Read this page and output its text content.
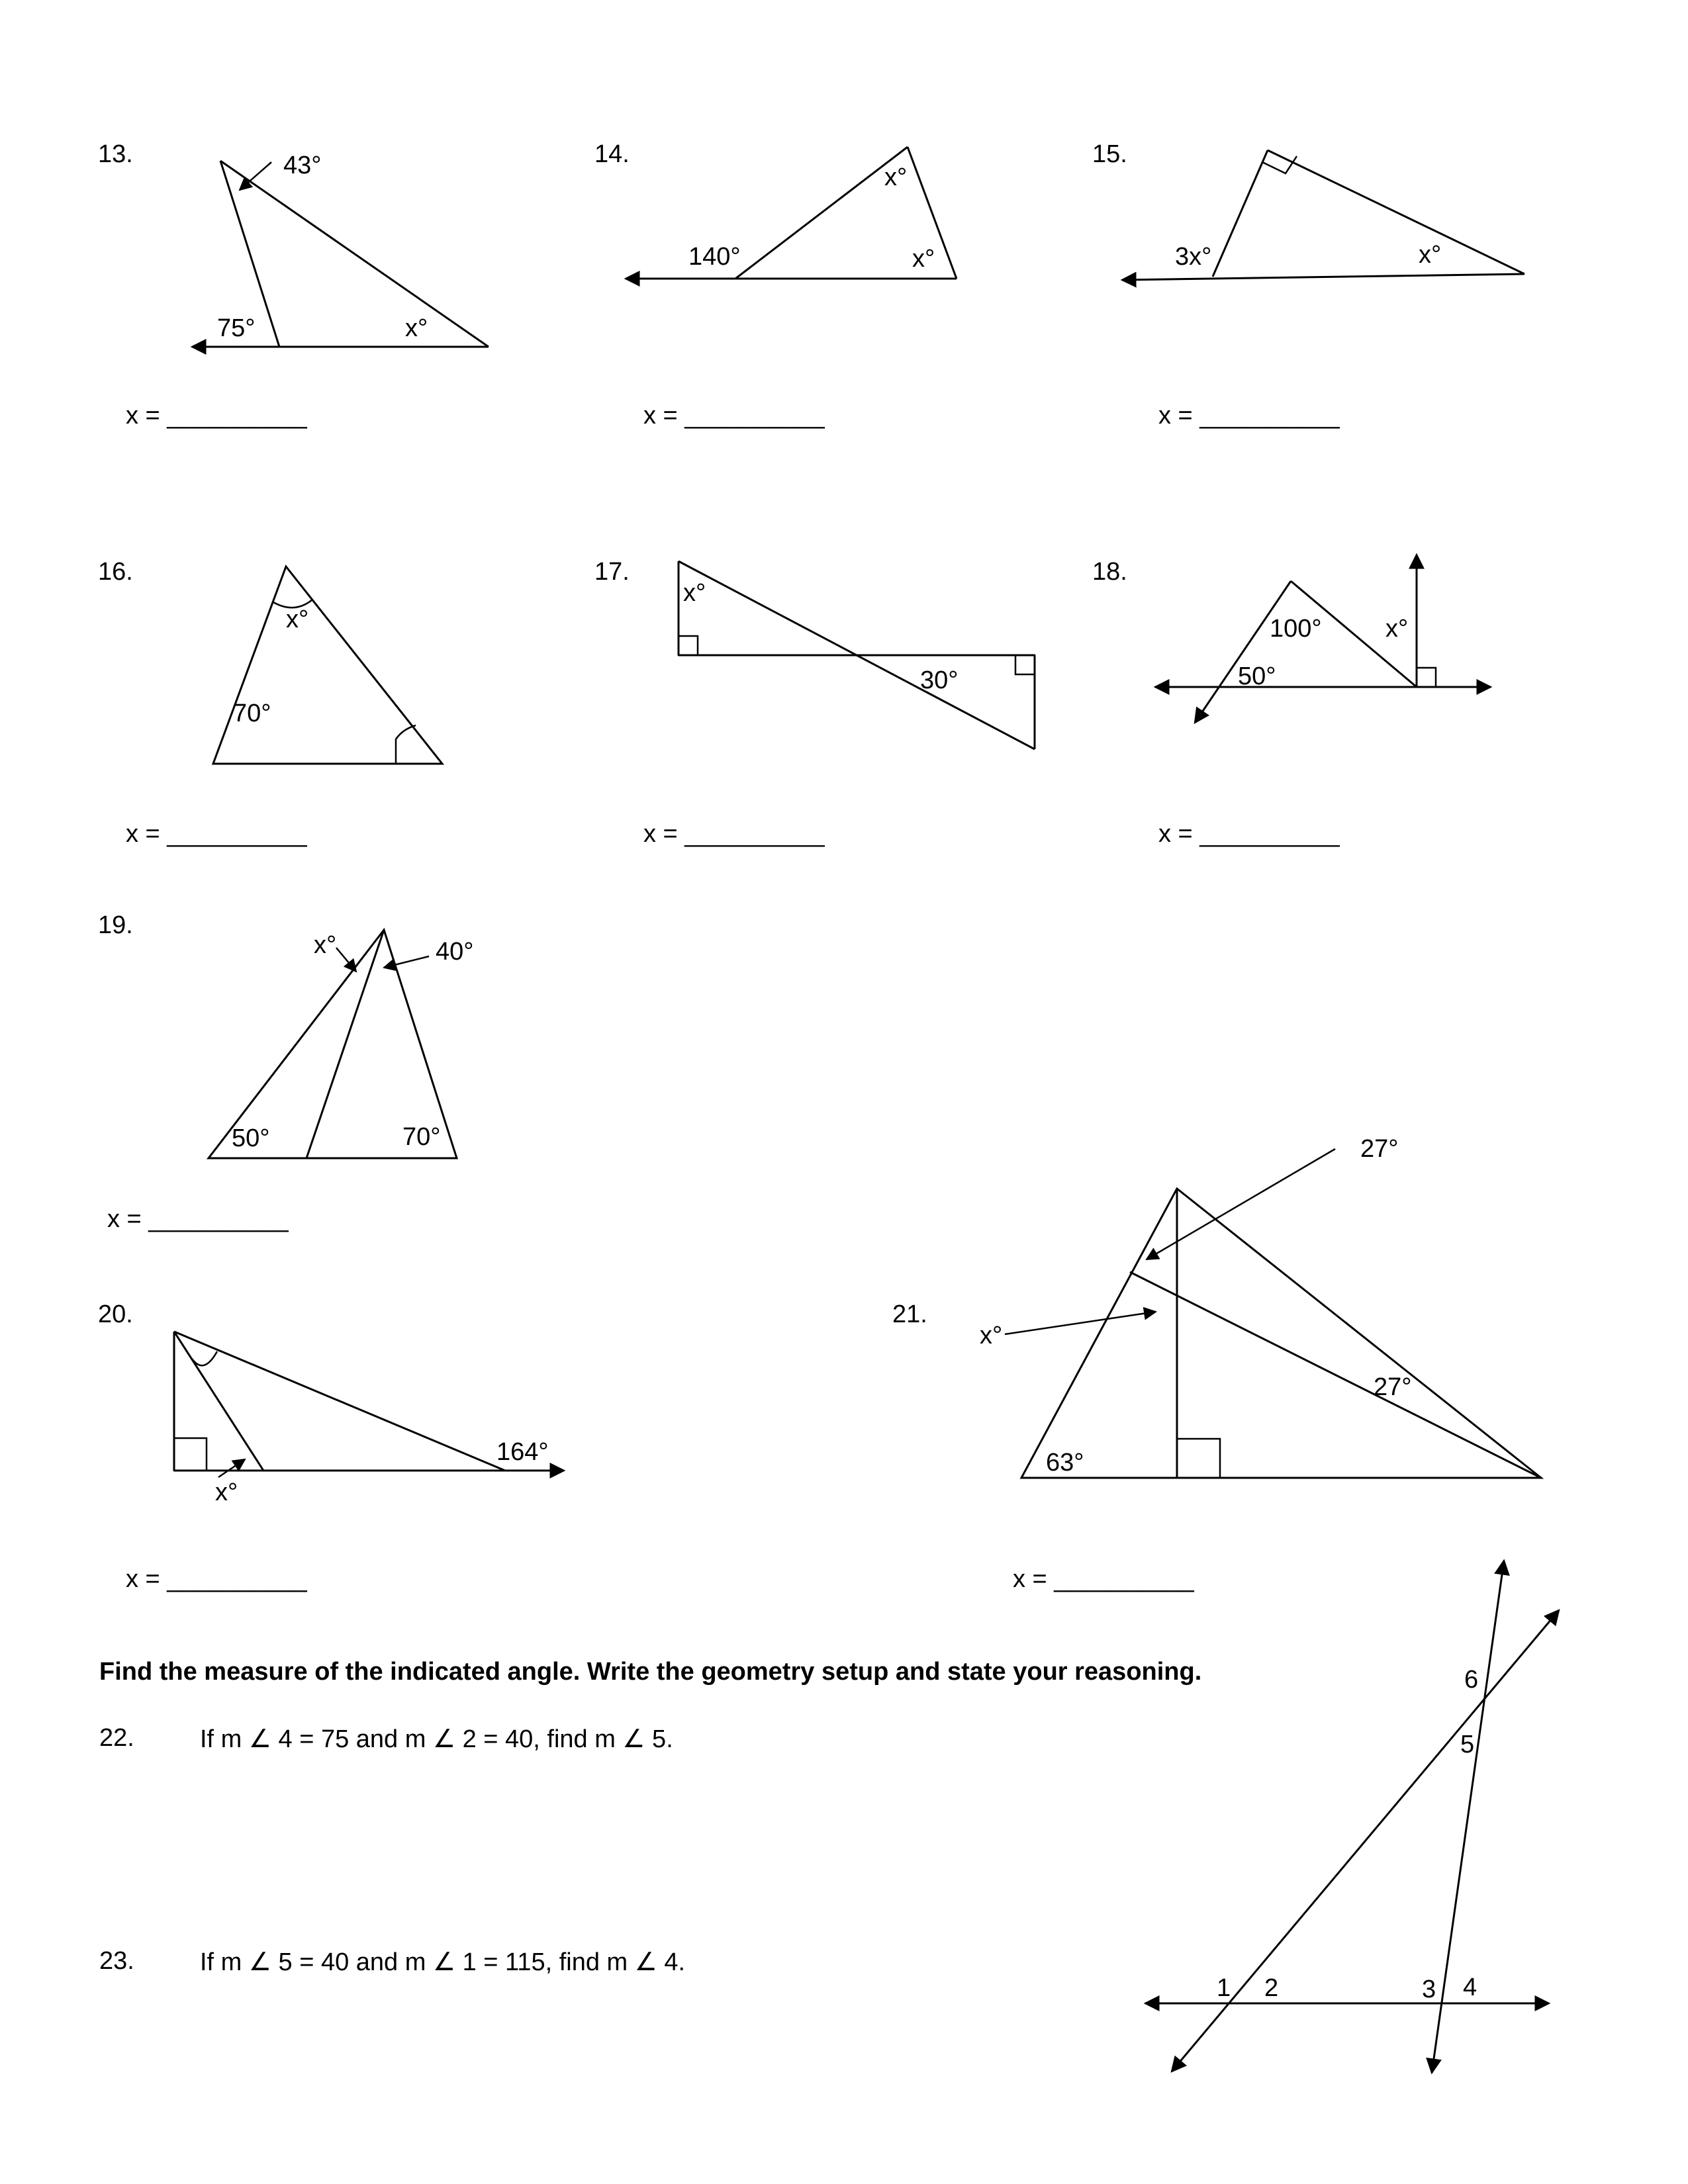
13.	43°
75°	x°
x = __________
14.
140°
x°
x°
x = __________
15.
3x°	x°
x = __________
16.
x°
70°
x = __________
17.
x°
30°
x = __________
18.
100°	x°
50°
x = __________
19.
x°	40°
50°	70°
x = __________
20.
164°
x°
x = __________
21.
27°
x°
27°
63°
x = __________
1 2	3 4
5
6
Find the measure of the indicated angle. Write the geometry setup and state your reasoning.
22.	If m ∠ 4 = 75 and m ∠ 2 = 40, find m ∠ 5.
23.	If m ∠ 5 = 40 and m ∠ 1 = 115, find m ∠ 4.
